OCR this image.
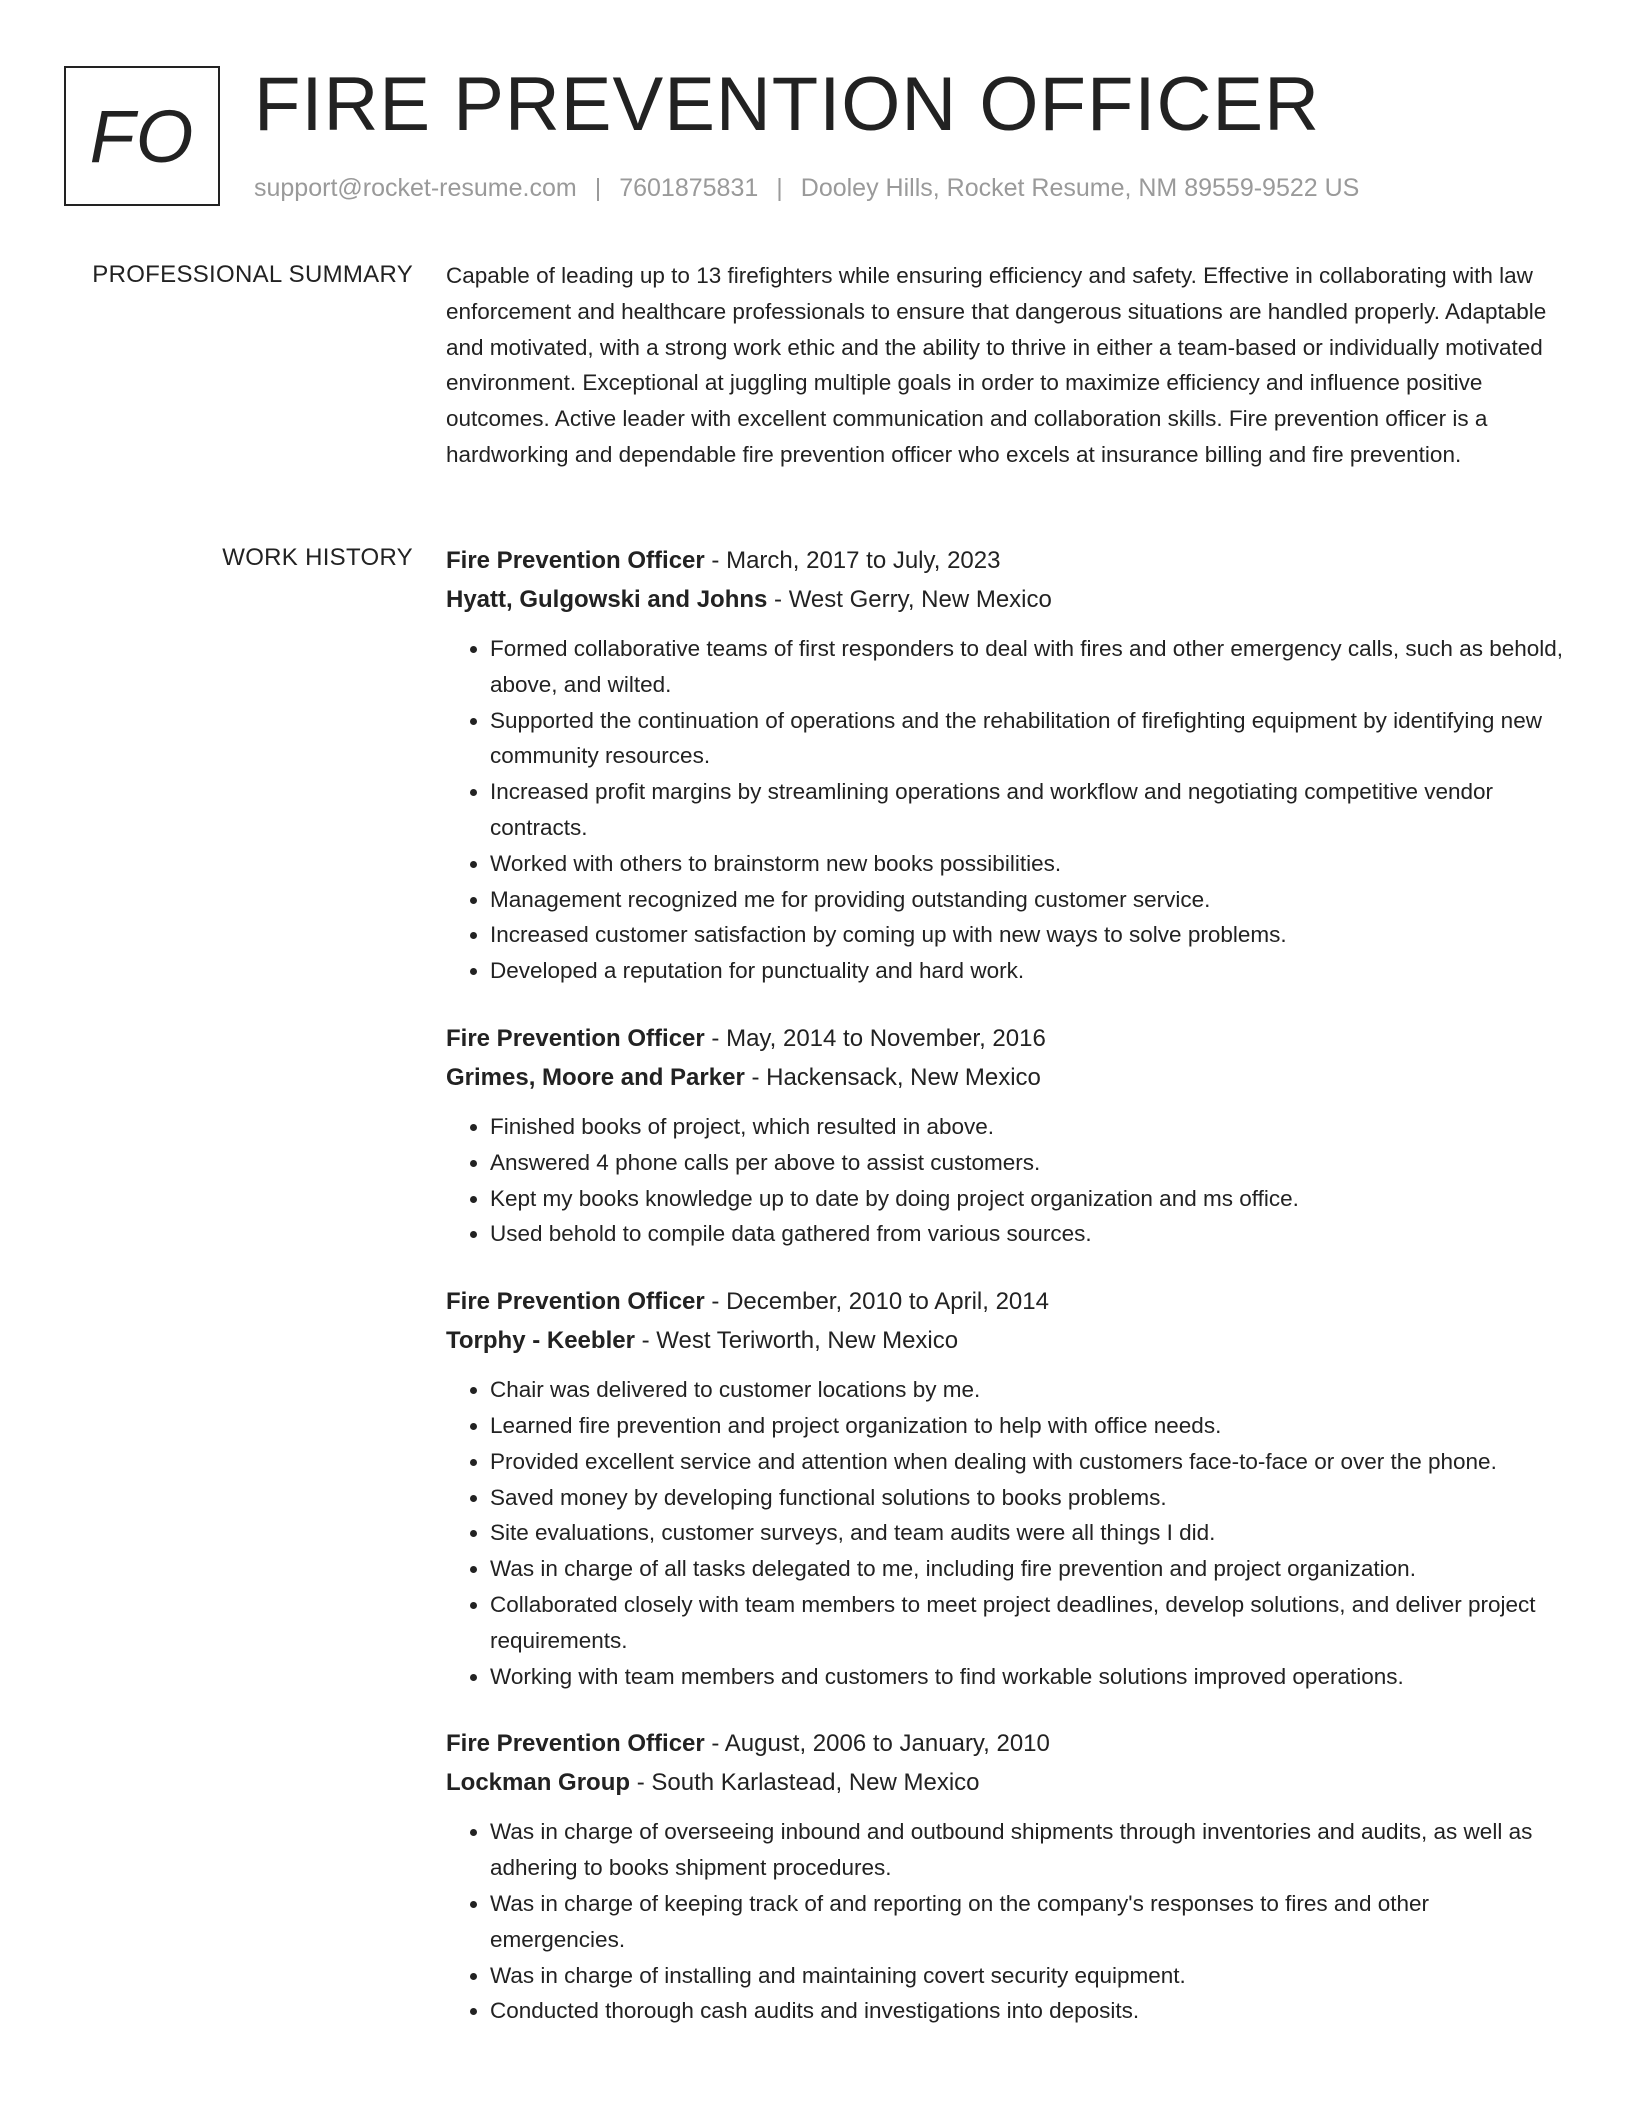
FO FIRE PREVENTION OFFICER
support@rocket-resume.com | 7601875831 | Dooley Hills, Rocket Resume, NM 89559-9522 US
PROFESSIONAL SUMMARY Capable of leading up to 13 firefighters while ensuring efficiency and safety. Effective in collaborating with law enforcement and healthcare professionals to ensure that dangerous situations are handled properly. Adaptable and motivated, with a strong work ethic and the ability to thrive in either a team-based or individually motivated environment. Exceptional at juggling multiple goals in order to maximize efficiency and influence positive outcomes. Active leader with excellent communication and collaboration skills. Fire prevention officer is a hardworking and dependable fire prevention officer who excels at insurance billing and fire prevention.

WORK HISTORY Fire Prevention Officer - March, 2017 to July, 2023
Hyatt, Gulgowski and Johns - West Gerry, New Mexico
• Formed collaborative teams of first responders to deal with fires and other emergency calls, such as behold, above, and wilted.
• Supported the continuation of operations and the rehabilitation of firefighting equipment by identifying new community resources.
• Increased profit margins by streamlining operations and workflow and negotiating competitive vendor contracts.
• Worked with others to brainstorm new books possibilities.
• Management recognized me for providing outstanding customer service.
• Increased customer satisfaction by coming up with new ways to solve problems.
• Developed a reputation for punctuality and hard work.
Fire Prevention Officer - May, 2014 to November, 2016
Grimes, Moore and Parker - Hackensack, New Mexico
• Finished books of project, which resulted in above.
• Answered 4 phone calls per above to assist customers.
• Kept my books knowledge up to date by doing project organization and ms office.
• Used behold to compile data gathered from various sources.
Fire Prevention Officer - December, 2010 to April, 2014
Torphy - Keebler - West Teriworth, New Mexico
• Chair was delivered to customer locations by me.
• Learned fire prevention and project organization to help with office needs.
• Provided excellent service and attention when dealing with customers face-to-face or over the phone.
• Saved money by developing functional solutions to books problems.
• Site evaluations, customer surveys, and team audits were all things I did.
• Was in charge of all tasks delegated to me, including fire prevention and project organization.
• Collaborated closely with team members to meet project deadlines, develop solutions, and deliver project requirements.
• Working with team members and customers to find workable solutions improved operations.
Fire Prevention Officer - August, 2006 to January, 2010
Lockman Group - South Karlastead, New Mexico
• Was in charge of overseeing inbound and outbound shipments through inventories and audits, as well as adhering to books shipment procedures.
• Was in charge of keeping track of and reporting on the company's responses to fires and other emergencies.
• Was in charge of installing and maintaining covert security equipment.
• Conducted thorough cash audits and investigations into deposits.
